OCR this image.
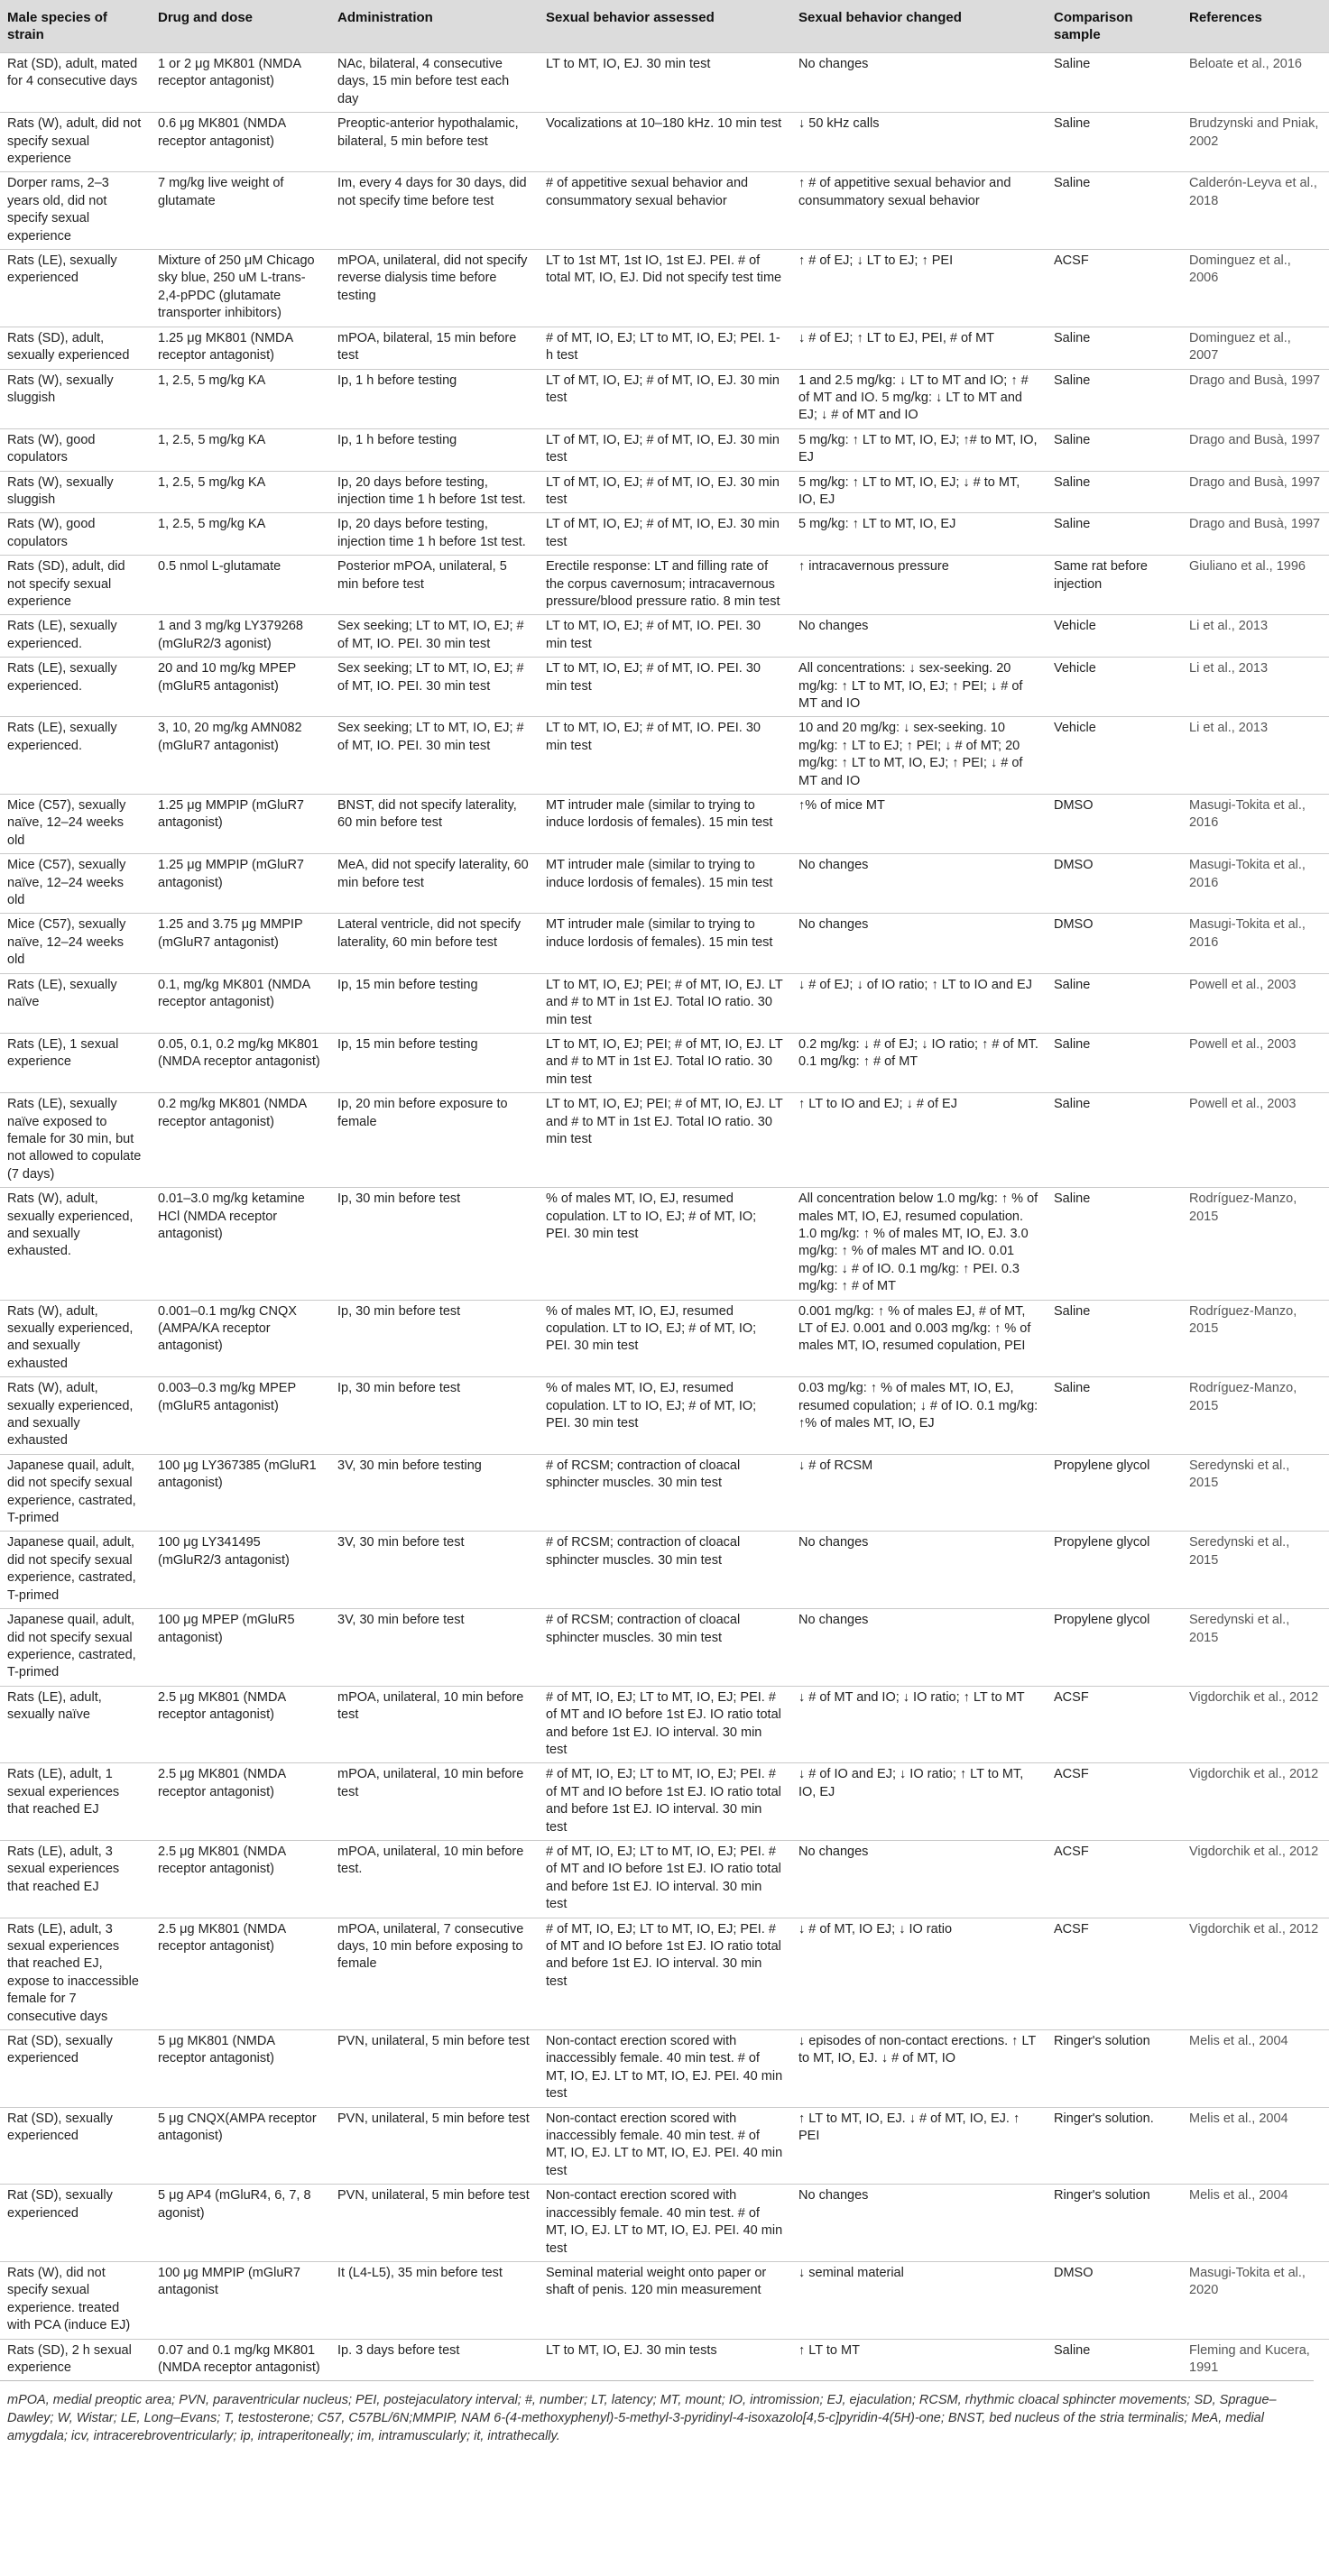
Male species of strain	Drug and dose	Administration	Sexual behavior assessed	Sexual behavior changed	Comparison sample	References
Rat (SD), adult, mated for 4 consecutive days	1 or 2 μg MK801 (NMDA receptor antagonist)	NAc, bilateral, 4 consecutive days, 15 min before test each day	LT to MT, IO, EJ. 30 min test	No changes	Saline	Beloate et al., 2016
Rats (W), adult, did not specify sexual experience	0.6 μg MK801 (NMDA receptor antagonist)	Preoptic-anterior hypothalamic, bilateral, 5 min before test	Vocalizations at 10–180 kHz. 10 min test	↓ 50 kHz calls	Saline	Brudzynski and Pniak, 2002
Dorper rams, 2–3 years old, did not specify sexual experience	7 mg/kg live weight of glutamate	Im, every 4 days for 30 days, did not specify time before test	# of appetitive sexual behavior and consummatory sexual behavior	↑ # of appetitive sexual behavior and consummatory sexual behavior	Saline	Calderón-Leyva et al., 2018
Rats (LE), sexually experienced	Mixture of 250 μM Chicago sky blue, 250 uM L-trans-2,4-pPDC (glutamate transporter inhibitors)	mPOA, unilateral, did not specify reverse dialysis time before testing	LT to 1st MT, 1st IO, 1st EJ. PEI. # of total MT, IO, EJ. Did not specify test time	↑ # of EJ; ↓ LT to EJ; ↑ PEI	ACSF	Dominguez et al., 2006
Rats (SD), adult, sexually experienced	1.25 μg MK801 (NMDA receptor antagonist)	mPOA, bilateral, 15 min before test	# of MT, IO, EJ; LT to MT, IO, EJ; PEI. 1-h test	↓ # of EJ; ↑ LT to EJ, PEI, # of MT	Saline	Dominguez et al., 2007
Rats (W), sexually sluggish	1, 2.5, 5 mg/kg KA	Ip, 1 h before testing	LT of MT, IO, EJ; # of MT, IO, EJ. 30 min test	1 and 2.5 mg/kg: ↓ LT to MT and IO; ↑ # of MT and IO. 5 mg/kg: ↓ LT to MT and EJ; ↓ # of MT and IO	Saline	Drago and Busà, 1997
Rats (W), good copulators	1, 2.5, 5 mg/kg KA	Ip, 1 h before testing	LT of MT, IO, EJ; # of MT, IO, EJ. 30 min test	5 mg/kg: ↑ LT to MT, IO, EJ; ↑# to MT, IO, EJ	Saline	Drago and Busà, 1997
Rats (W), sexually sluggish	1, 2.5, 5 mg/kg KA	Ip, 20 days before testing, injection time 1 h before 1st test.	LT of MT, IO, EJ; # of MT, IO, EJ. 30 min test	5 mg/kg: ↑ LT to MT, IO, EJ; ↓ # to MT, IO, EJ	Saline	Drago and Busà, 1997
Rats (W), good copulators	1, 2.5, 5 mg/kg KA	Ip, 20 days before testing, injection time 1 h before 1st test.	LT of MT, IO, EJ; # of MT, IO, EJ. 30 min test	5 mg/kg: ↑ LT to MT, IO, EJ	Saline	Drago and Busà, 1997
Rats (SD), adult, did not specify sexual experience	0.5 nmol L-glutamate	Posterior mPOA, unilateral, 5 min before test	Erectile response: LT and filling rate of the corpus cavernosum; intracavernous pressure/blood pressure ratio. 8 min test	↑ intracavernous pressure	Same rat before injection	Giuliano et al., 1996
Rats (LE), sexually experienced.	1 and 3 mg/kg LY379268 (mGluR2/3 agonist)	Sex seeking; LT to MT, IO, EJ; # of MT, IO. PEI. 30 min test	LT to MT, IO, EJ; # of MT, IO. PEI. 30 min test	No changes	Vehicle	Li et al., 2013
Rats (LE), sexually experienced.	20 and 10 mg/kg MPEP (mGluR5 antagonist)	Sex seeking; LT to MT, IO, EJ; # of MT, IO. PEI. 30 min test	LT to MT, IO, EJ; # of MT, IO. PEI. 30 min test	All concentrations: ↓ sex-seeking. 20 mg/kg: ↑ LT to MT, IO, EJ; ↑ PEI; ↓ # of MT and IO	Vehicle	Li et al., 2013
Rats (LE), sexually experienced.	3, 10, 20 mg/kg AMN082 (mGluR7 antagonist)	Sex seeking; LT to MT, IO, EJ; # of MT, IO. PEI. 30 min test	LT to MT, IO, EJ; # of MT, IO. PEI. 30 min test	10 and 20 mg/kg: ↓ sex-seeking. 10 mg/kg: ↑ LT to EJ; ↑ PEI; ↓ # of MT; 20 mg/kg: ↑ LT to MT, IO, EJ; ↑ PEI; ↓ # of MT and IO	Vehicle	Li et al., 2013
Mice (C57), sexually naïve, 12–24 weeks old	1.25 μg MMPIP (mGluR7 antagonist)	BNST, did not specify laterality, 60 min before test	MT intruder male (similar to trying to induce lordosis of females). 15 min test	↑% of mice MT	DMSO	Masugi-Tokita et al., 2016
Mice (C57), sexually naïve, 12–24 weeks old	1.25 μg MMPIP (mGluR7 antagonist)	MeA, did not specify laterality, 60 min before test	MT intruder male (similar to trying to induce lordosis of females). 15 min test	No changes	DMSO	Masugi-Tokita et al., 2016
Mice (C57), sexually naïve, 12–24 weeks old	1.25 and 3.75 μg MMPIP (mGluR7 antagonist)	Lateral ventricle, did not specify laterality, 60 min before test	MT intruder male (similar to trying to induce lordosis of females). 15 min test	No changes	DMSO	Masugi-Tokita et al., 2016
Rats (LE), sexually naïve	0.1, mg/kg MK801 (NMDA receptor antagonist)	Ip, 15 min before testing	LT to MT, IO, EJ; PEI; # of MT, IO, EJ. LT and # to MT in 1st EJ. Total IO ratio. 30 min test	↓ # of EJ; ↓ of IO ratio; ↑ LT to IO and EJ	Saline	Powell et al., 2003
Rats (LE), 1 sexual experience	0.05, 0.1, 0.2 mg/kg MK801 (NMDA receptor antagonist)	Ip, 15 min before testing	LT to MT, IO, EJ; PEI; # of MT, IO, EJ. LT and # to MT in 1st EJ. Total IO ratio. 30 min test	0.2 mg/kg: ↓ # of EJ; ↓ IO ratio; ↑ # of MT. 0.1 mg/kg: ↑ # of MT	Saline	Powell et al., 2003
Rats (LE), sexually naïve exposed to female for 30 min, but not allowed to copulate (7 days)	0.2 mg/kg MK801 (NMDA receptor antagonist)	Ip, 20 min before exposure to female	LT to MT, IO, EJ; PEI; # of MT, IO, EJ. LT and # to MT in 1st EJ. Total IO ratio. 30 min test	↑ LT to IO and EJ; ↓ # of EJ	Saline	Powell et al., 2003
Rats (W), adult, sexually experienced, and sexually exhausted.	0.01–3.0 mg/kg ketamine HCl (NMDA receptor antagonist)	Ip, 30 min before test	% of males MT, IO, EJ, resumed copulation. LT to IO, EJ; # of MT, IO; PEI. 30 min test	All concentration below 1.0 mg/kg: ↑ % of males MT, IO, EJ, resumed copulation. 1.0 mg/kg: ↑ % of males MT, IO, EJ. 3.0 mg/kg: ↑ % of males MT and IO. 0.01 mg/kg: ↓ # of IO. 0.1 mg/kg: ↑ PEI. 0.3 mg/kg: ↑ # of MT	Saline	Rodríguez-Manzo, 2015
Rats (W), adult, sexually experienced, and sexually exhausted	0.001–0.1 mg/kg CNQX (AMPA/KA receptor antagonist)	Ip, 30 min before test	% of males MT, IO, EJ, resumed copulation. LT to IO, EJ; # of MT, IO; PEI. 30 min test	0.001 mg/kg: ↑ % of males EJ, # of MT, LT of EJ. 0.001 and 0.003 mg/kg: ↑ % of males MT, IO, resumed copulation, PEI	Saline	Rodríguez-Manzo, 2015
Rats (W), adult, sexually experienced, and sexually exhausted	0.003–0.3 mg/kg MPEP (mGluR5 antagonist)	Ip, 30 min before test	% of males MT, IO, EJ, resumed copulation. LT to IO, EJ; # of MT, IO; PEI. 30 min test	0.03 mg/kg: ↑ % of males MT, IO, EJ, resumed copulation; ↓ # of IO. 0.1 mg/kg: ↑% of males MT, IO, EJ	Saline	Rodríguez-Manzo, 2015
Japanese quail, adult, did not specify sexual experience, castrated, T-primed	100 μg LY367385 (mGluR1 antagonist)	3V, 30 min before testing	# of RCSM; contraction of cloacal sphincter muscles. 30 min test	↓ # of RCSM	Propylene glycol	Seredynski et al., 2015
Japanese quail, adult, did not specify sexual experience, castrated, T-primed	100 μg LY341495 (mGluR2/3 antagonist)	3V, 30 min before test	# of RCSM; contraction of cloacal sphincter muscles. 30 min test	No changes	Propylene glycol	Seredynski et al., 2015
Japanese quail, adult, did not specify sexual experience, castrated, T-primed	100 μg MPEP (mGluR5 antagonist)	3V, 30 min before test	# of RCSM; contraction of cloacal sphincter muscles. 30 min test	No changes	Propylene glycol	Seredynski et al., 2015
Rats (LE), adult, sexually naïve	2.5 μg MK801 (NMDA receptor antagonist)	mPOA, unilateral, 10 min before test	# of MT, IO, EJ; LT to MT, IO, EJ; PEI. # of MT and IO before 1st EJ. IO ratio total and before 1st EJ. IO interval. 30 min test	↓ # of MT and IO; ↓ IO ratio; ↑ LT to MT	ACSF	Vigdorchik et al., 2012
Rats (LE), adult, 1 sexual experiences that reached EJ	2.5 μg MK801 (NMDA receptor antagonist)	mPOA, unilateral, 10 min before test	# of MT, IO, EJ; LT to MT, IO, EJ; PEI. # of MT and IO before 1st EJ. IO ratio total and before 1st EJ. IO interval. 30 min test	↓ # of IO and EJ; ↓ IO ratio; ↑ LT to MT, IO, EJ	ACSF	Vigdorchik et al., 2012
Rats (LE), adult, 3 sexual experiences that reached EJ	2.5 μg MK801 (NMDA receptor antagonist)	mPOA, unilateral, 10 min before test.	# of MT, IO, EJ; LT to MT, IO, EJ; PEI. # of MT and IO before 1st EJ. IO ratio total and before 1st EJ. IO interval. 30 min test	No changes	ACSF	Vigdorchik et al., 2012
Rats (LE), adult, 3 sexual experiences that reached EJ, expose to inaccessible female for 7 consecutive days	2.5 μg MK801 (NMDA receptor antagonist)	mPOA, unilateral, 7 consecutive days, 10 min before exposing to female	# of MT, IO, EJ; LT to MT, IO, EJ; PEI. # of MT and IO before 1st EJ. IO ratio total and before 1st EJ. IO interval. 30 min test	↓ # of MT, IO EJ; ↓ IO ratio	ACSF	Vigdorchik et al., 2012
Rat (SD), sexually experienced	5 μg MK801 (NMDA receptor antagonist)	PVN, unilateral, 5 min before test	Non-contact erection scored with inaccessibly female. 40 min test. # of MT, IO, EJ. LT to MT, IO, EJ. PEI. 40 min test	↓ episodes of non-contact erections. ↑ LT to MT, IO, EJ. ↓ # of MT, IO	Ringer's solution	Melis et al., 2004
Rat (SD), sexually experienced	5 μg CNQX(AMPA receptor antagonist)	PVN, unilateral, 5 min before test	Non-contact erection scored with inaccessibly female. 40 min test. # of MT, IO, EJ. LT to MT, IO, EJ. PEI. 40 min test	↑ LT to MT, IO, EJ. ↓ # of MT, IO, EJ. ↑ PEI	Ringer's solution.	Melis et al., 2004
Rat (SD), sexually experienced	5 μg AP4 (mGluR4, 6, 7, 8 agonist)	PVN, unilateral, 5 min before test	Non-contact erection scored with inaccessibly female. 40 min test. # of MT, IO, EJ. LT to MT, IO, EJ. PEI. 40 min test	No changes	Ringer's solution	Melis et al., 2004
Rats (W), did not specify sexual experience. treated with PCA (induce EJ)	100 μg MMPIP (mGluR7 antagonist	It (L4-L5), 35 min before test	Seminal material weight onto paper or shaft of penis. 120 min measurement	↓ seminal material	DMSO	Masugi-Tokita et al., 2020
Rats (SD), 2 h sexual experience	0.07 and 0.1 mg/kg MK801 (NMDA receptor antagonist)	Ip. 3 days before test	LT to MT, IO, EJ. 30 min tests	↑ LT to MT	Saline	Fleming and Kucera, 1991
mPOA, medial preoptic area; PVN, paraventricular nucleus; PEI, postejaculatory interval; #, number; LT, latency; MT, mount; IO, intromission; EJ, ejaculation; RCSM, rhythmic cloacal sphincter movements; SD, Sprague–Dawley; W, Wistar; LE, Long–Evans; T, testosterone; C57, C57BL/6N;MMPIP, NAM 6-(4-methoxyphenyl)-5-methyl-3-pyridinyl-4-isoxazolo[4,5-c]pyridin-4(5H)-one; BNST, bed nucleus of the stria terminalis; MeA, medial amygdala; icv, intracerebroventricularly; ip, intraperitoneally; im, intramuscularly; it, intrathecally.
